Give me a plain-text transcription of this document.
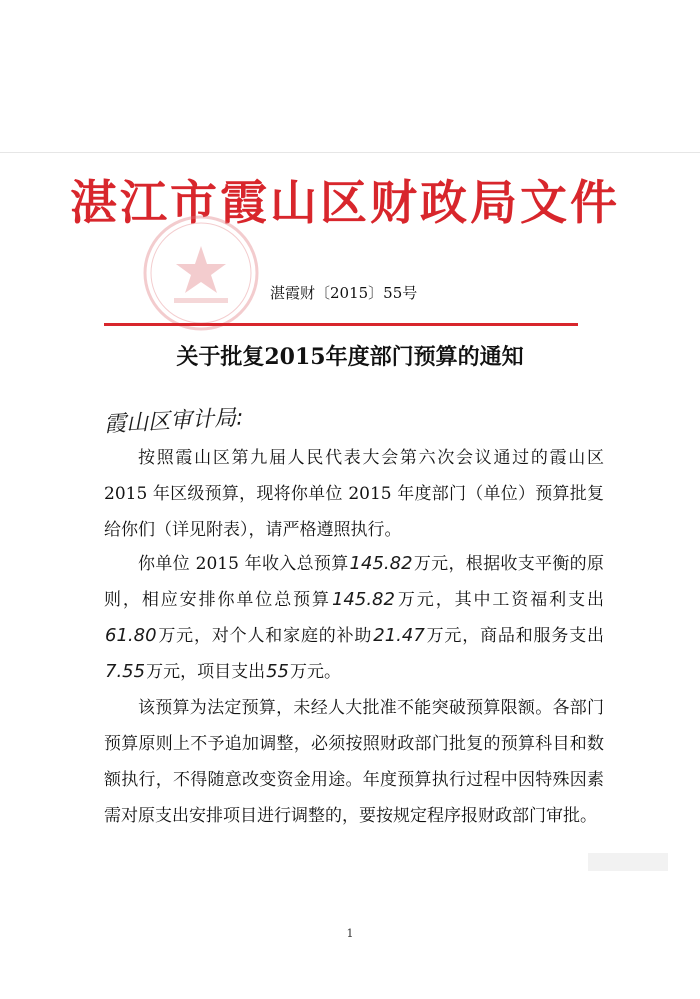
湛江市霞山区财政局文件
湛霞财〔2015〕55号
关于批复2015年度部门预算的通知
霞山区审计局:

按照霞山区第九届人民代表大会第六次会议通过的霞山区 2015 年区级预算，现将你单位 2015 年度部门（单位）预算批复给你们（详见附表），请严格遵照执行。

你单位 2015 年收入总预算145.82万元，根据收支平衡的原则，相应安排你单位总预算145.82万元，其中工资福利支出61.80万元，对个人和家庭的补助21.47万元，商品和服务支出7.55万元，项目支出55万元。

该预算为法定预算，未经人大批准不能突破预算限额。各部门预算原则上不予追加调整，必须按照财政部门批复的预算科目和数额执行，不得随意改变资金用途。年度预算执行过程中因特殊因素需对原支出安排项目进行调整的，要按规定程序报财政部门审批。

1
